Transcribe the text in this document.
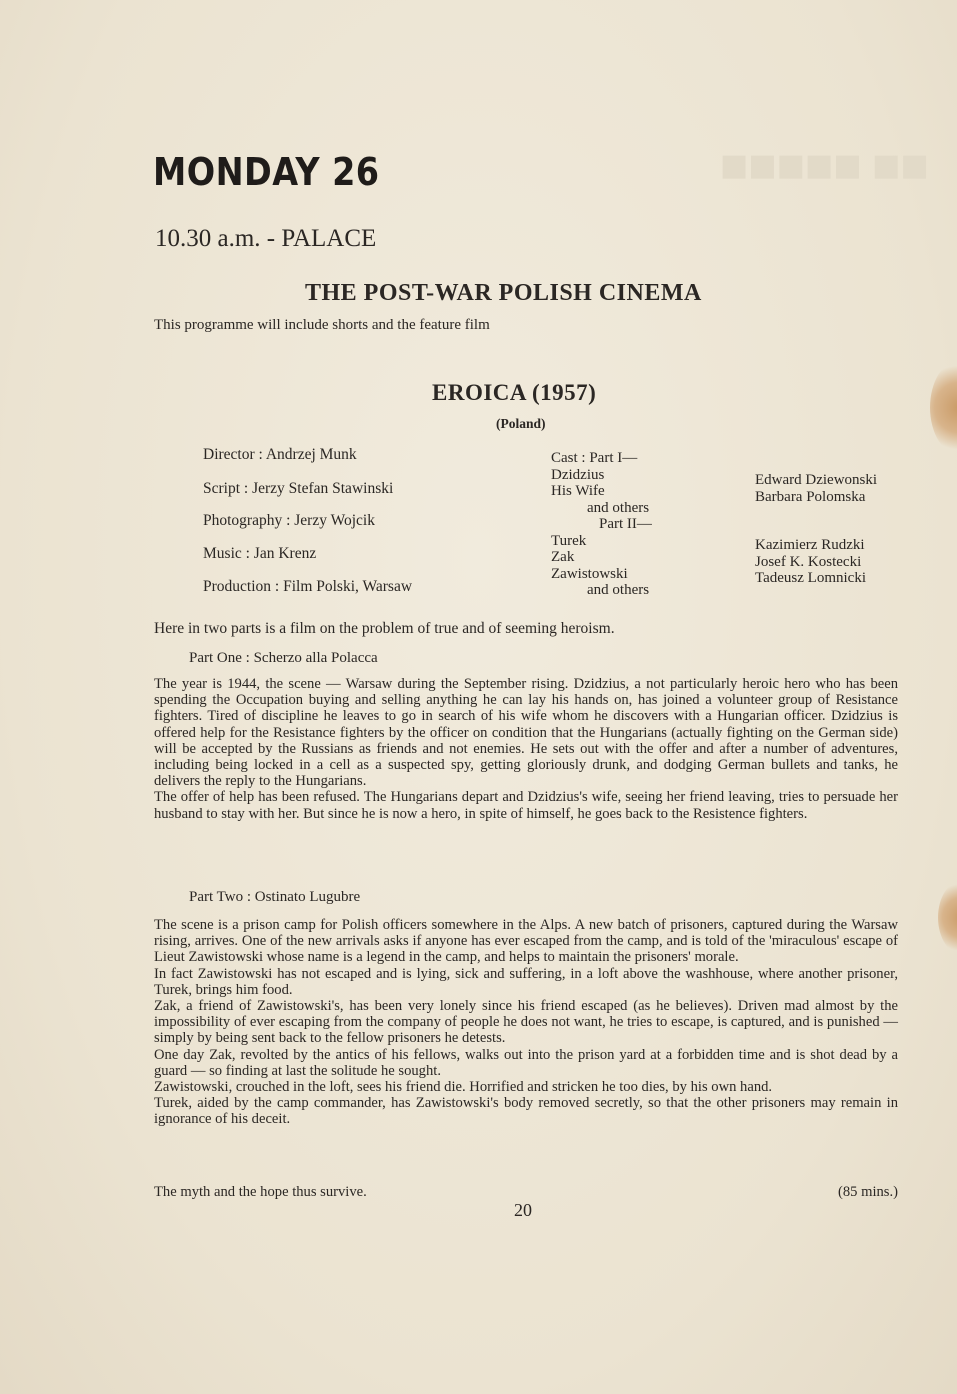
■■■■■ ■■
MONDAY 26
10.30 a.m. - PALACE
THE POST-WAR POLISH CINEMA
This programme will include shorts and the feature film
EROICA (1957)
(Poland)
Director : Andrzej Munk
Script : Jerzy Stefan Stawinski
Photography : Jerzy Wojcik
Music : Jan Krenz
Production : Film Polski, Warsaw
Cast : Part I—
Dzidzius
His Wife
and others
Part II—
Turek
Zak
Zawistowski
and others
Edward Dziewonski
Barbara Polomska
Kazimierz Rudzki
Josef K. Kostecki
Tadeusz Lomnicki
Here in two parts is a film on the problem of true and of seeming heroism.
Part One : Scherzo alla Polacca

The year is 1944, the scene — Warsaw during the September rising. Dzidzius, a not particularly heroic hero who has been spending the Occupation buying and selling anything he can lay his hands on, has joined a volunteer group of Resistance fighters. Tired of discipline he leaves to go in search of his wife whom he discovers with a Hungarian officer. Dzidzius is offered help for the Resistance fighters by the officer on condition that the Hungarians (actually fighting on the German side) will be accepted by the Russians as friends and not enemies. He sets out with the offer and after a number of adventures, including being locked in a cell as a suspected spy, getting gloriously drunk, and dodging German bullets and tanks, he delivers the reply to the Hungarians.

The offer of help has been refused. The Hungarians depart and Dzidzius's wife, seeing her friend leaving, tries to persuade her husband to stay with her. But since he is now a hero, in spite of himself, he goes back to the Resistence fighters.

Part Two : Ostinato Lugubre

The scene is a prison camp for Polish officers somewhere in the Alps. A new batch of prisoners, captured during the Warsaw rising, arrives. One of the new arrivals asks if anyone has ever escaped from the camp, and is told of the 'miraculous' escape of Lieut Zawistowski whose name is a legend in the camp, and helps to maintain the prisoners' morale.

In fact Zawistowski has not escaped and is lying, sick and suffering, in a loft above the washhouse, where another prisoner, Turek, brings him food.

Zak, a friend of Zawistowski's, has been very lonely since his friend escaped (as he believes). Driven mad almost by the impossibility of ever escaping from the company of people he does not want, he tries to escape, is captured, and is punished — simply by being sent back to the fellow prisoners he detests.

One day Zak, revolted by the antics of his fellows, walks out into the prison yard at a forbidden time and is shot dead by a guard — so finding at last the solitude he sought.

Zawistowski, crouched in the loft, sees his friend die. Horrified and stricken he too dies, by his own hand.

Turek, aided by the camp commander, has Zawistowski's body removed secretly, so that the other prisoners may remain in ignorance of his deceit.

The myth and the hope thus survive.	(85 mins.)
20
